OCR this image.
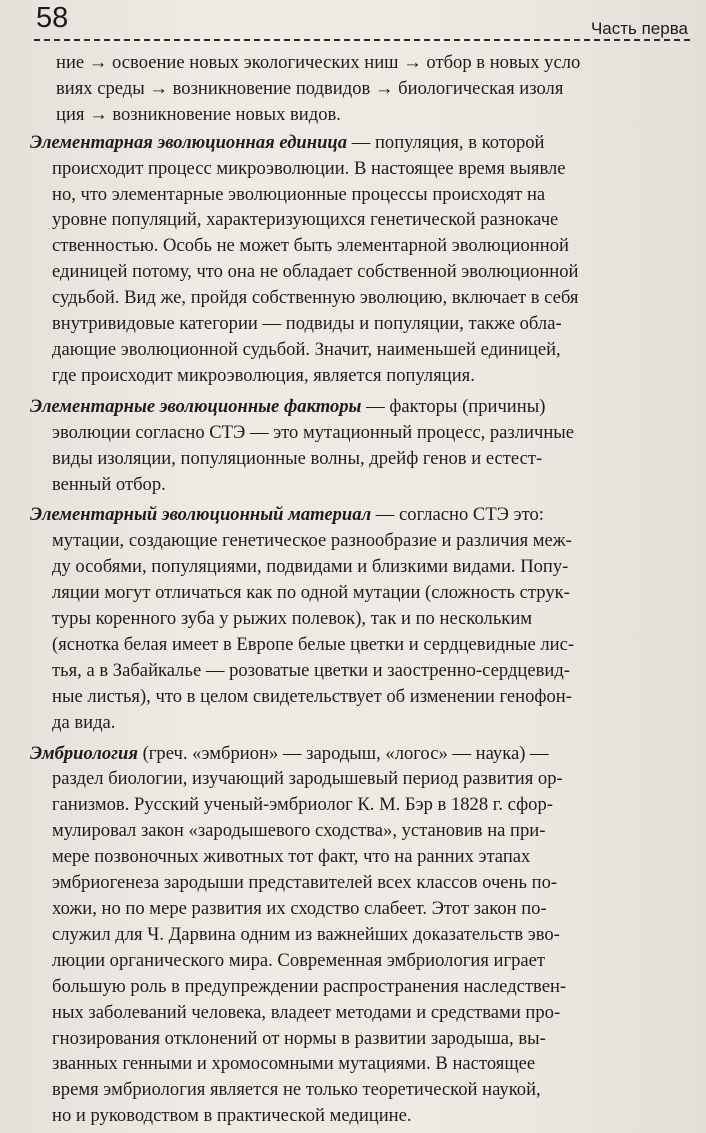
58	Часть перва
ние → освоение новых экологических ниш → отбор в новых усло
виях среды → возникновение подвидов → биологическая изоля
ция → возникновение новых видов.
Элементарная эволюционная единица — популяция, в которой
происходит процесс микроэволюции. В настоящее время выявле
но, что элементарные эволюционные процессы происходят на
уровне популяций, характеризующихся генетической разнокаче
ственностью. Особь не может быть элементарной эволюционной
единицей потому, что она не обладает собственной эволюционной
судьбой. Вид же, пройдя собственную эволюцию, включает в себя
внутривидовые категории — подвиды и популяции, также обла-
дающие эволюционной судьбой. Значит, наименьшей единицей,
где происходит микроэволюция, является популяция.
Элементарные эволюционные факторы — факторы (причины)
эволюции согласно СТЭ — это мутационный процесс, различные
виды изоляции, популяционные волны, дрейф генов и естест-
венный отбор.
Элементарный эволюционный материал — согласно СТЭ это:
мутации, создающие генетическое разнообразие и различия меж-
ду особями, популяциями, подвидами и близкими видами. Попу-
ляции могут отличаться как по одной мутации (сложность струк-
туры коренного зуба у рыжих полевок), так и по нескольким
(яснотка белая имеет в Европе белые цветки и сердцевидные лис-
тья, а в Забайкалье — розоватые цветки и заостренно-сердцевид-
ные листья), что в целом свидетельствует об изменении генофон-
да вида.
Эмбриология (греч. «эмбрион» — зародыш, «логос» — наука) —
раздел биологии, изучающий зародышевый период развития ор-
ганизмов. Русский ученый-эмбриолог К. М. Бэр в 1828 г. сфор-
мулировал закон «зародышевого сходства», установив на при-
мере позвоночных животных тот факт, что на ранних этапах
эмбриогенеза зародыши представителей всех классов очень по-
хожи, но по мере развития их сходство слабеет. Этот закон по-
служил для Ч. Дарвина одним из важнейших доказательств эво-
люции органического мира. Современная эмбриология играет
большую роль в предупреждении распространения наследствен-
ных заболеваний человека, владеет методами и средствами про-
гнозирования отклонений от нормы в развитии зародыша, вы-
званных генными и хромосомными мутациями. В настоящее
время эмбриология является не только теоретической наукой,
но и руководством в практической медицине.
